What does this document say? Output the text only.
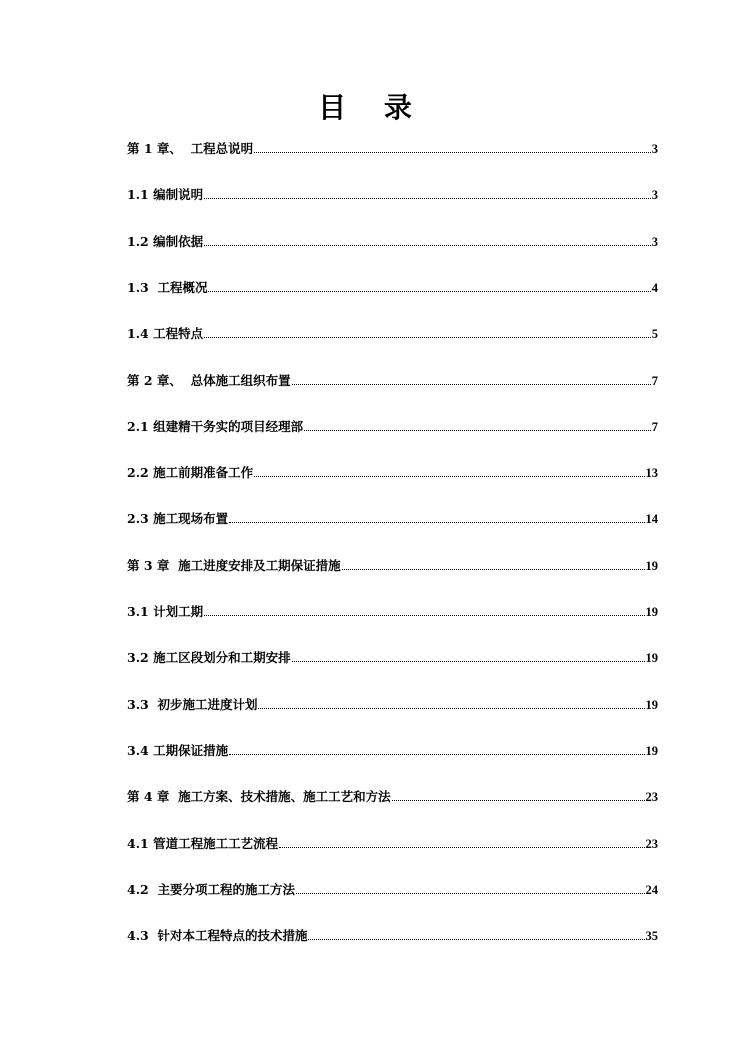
目 录
第 1 章、  工程总说明	3
1.1 编制说明	3
1.2 编制依据	3
1.3  工程概况	4
1.4 工程特点	5
第 2 章、  总体施工组织布置	7
2.1 组建精干务实的项目经理部	7
2.2 施工前期准备工作	13
2.3 施工现场布置	14
第 3 章  施工进度安排及工期保证措施	19
3.1 计划工期	19
3.2 施工区段划分和工期安排	19
3.3  初步施工进度计划	19
3.4 工期保证措施	19
第 4 章  施工方案、技术措施、施工工艺和方法	23
4.1 管道工程施工工艺流程	23
4.2  主要分项工程的施工方法	24
4.3  针对本工程特点的技术措施	35
